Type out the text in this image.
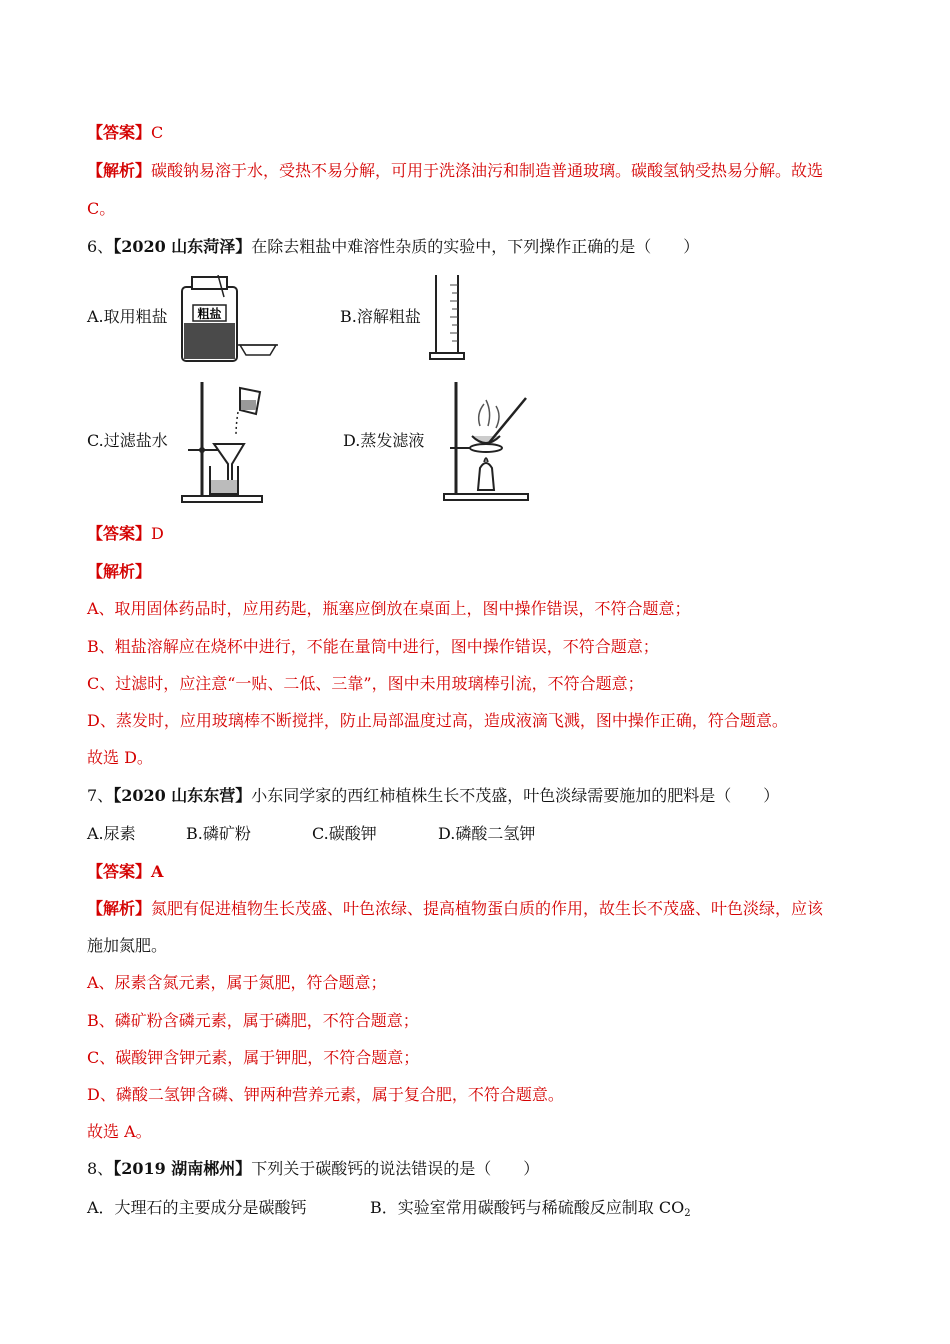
【答案】C
【解析】碳酸钠易溶于水，受热不易分解，可用于洗涤油污和制造普通玻璃。碳酸氢钠受热易分解。故选
C。
6、【2020 山东菏泽】在除去粗盐中难溶性杂质的实验中，下列操作正确的是（　　）
A.取用粗盐 粗盐	B.溶解粗盐
C.过滤盐水	D.蒸发滤液
【答案】D
【解析】
A、取用固体药品时，应用药匙，瓶塞应倒放在桌面上，图中操作错误，不符合题意；
B、粗盐溶解应在烧杯中进行，不能在量筒中进行，图中操作错误，不符合题意；
C、过滤时，应注意“一贴、二低、三靠”，图中未用玻璃棒引流，不符合题意；
D、蒸发时，应用玻璃棒不断搅拌，防止局部温度过高，造成液滴飞溅，图中操作正确，符合题意。
故选 D。
7、【2020 山东东营】小东同学家的西红柿植株生长不茂盛，叶色淡绿需要施加的肥料是（　　）
A.尿素	B.磷矿粉	C.碳酸钾	D.磷酸二氢钾
【答案】A
【解析】氮肥有促进植物生长茂盛、叶色浓绿、提高植物蛋白质的作用，故生长不茂盛、叶色淡绿，应该
施加氮肥。
A、尿素含氮元素，属于氮肥，符合题意；
B、磷矿粉含磷元素，属于磷肥，不符合题意；
C、碳酸钾含钾元素，属于钾肥，不符合题意；
D、磷酸二氢钾含磷、钾两种营养元素，属于复合肥，不符合题意。
故选 A。
8、【2019 湖南郴州】下列关于碳酸钙的说法错误的是（　　）
A．大理石的主要成分是碳酸钙	B．实验室常用碳酸钙与稀硫酸反应制取 $CO_2$
